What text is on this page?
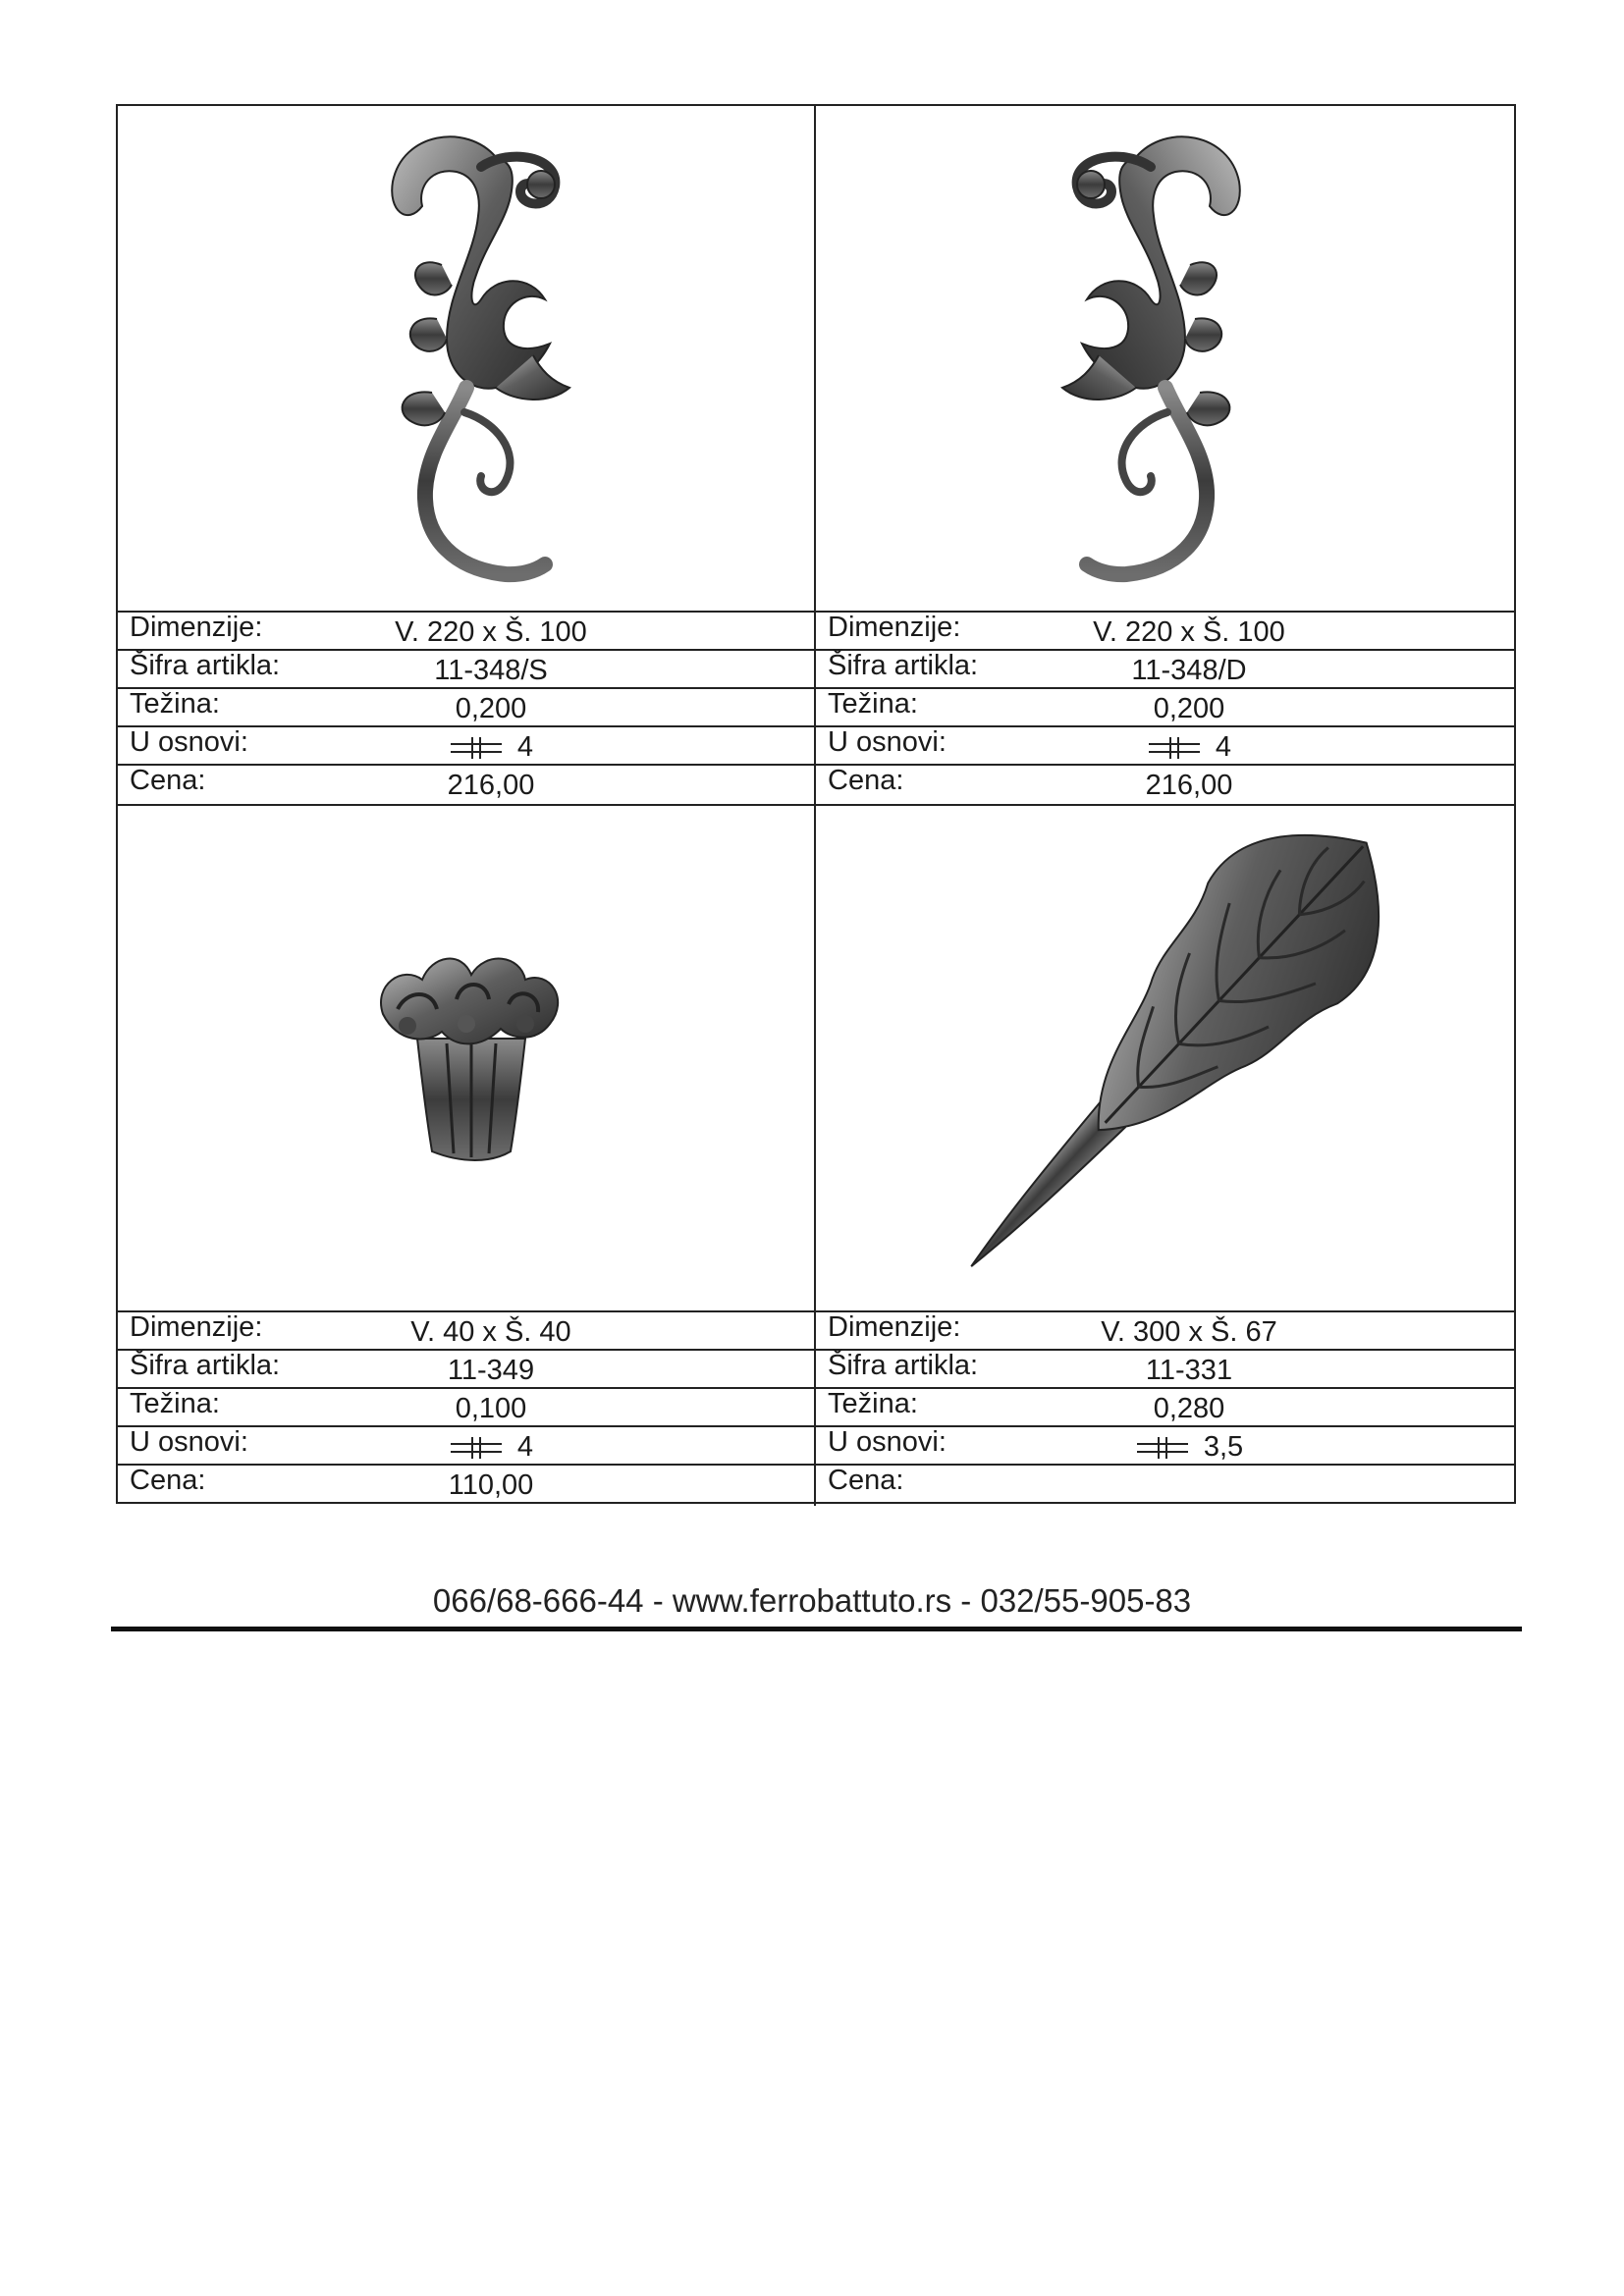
Dimenzije:	V. 220 x Š. 100
Šifra artikla:	11-348/S
Težina:	0,200
U osnovi:	4
Cena:	216,00
Dimenzije:	V. 220 x Š. 100
Šifra artikla:	11-348/D
Težina:	0,200
U osnovi:	4
Cena:	216,00
Dimenzije:	V. 40 x Š. 40
Šifra artikla:	11-349
Težina:	0,100
U osnovi:	4
Cena:	110,00
Dimenzije:	V. 300 x Š. 67
Šifra artikla:	11-331
Težina:	0,280
U osnovi:	3,5
Cena:
066/68-666-44 - www.ferrobattuto.rs - 032/55-905-83
